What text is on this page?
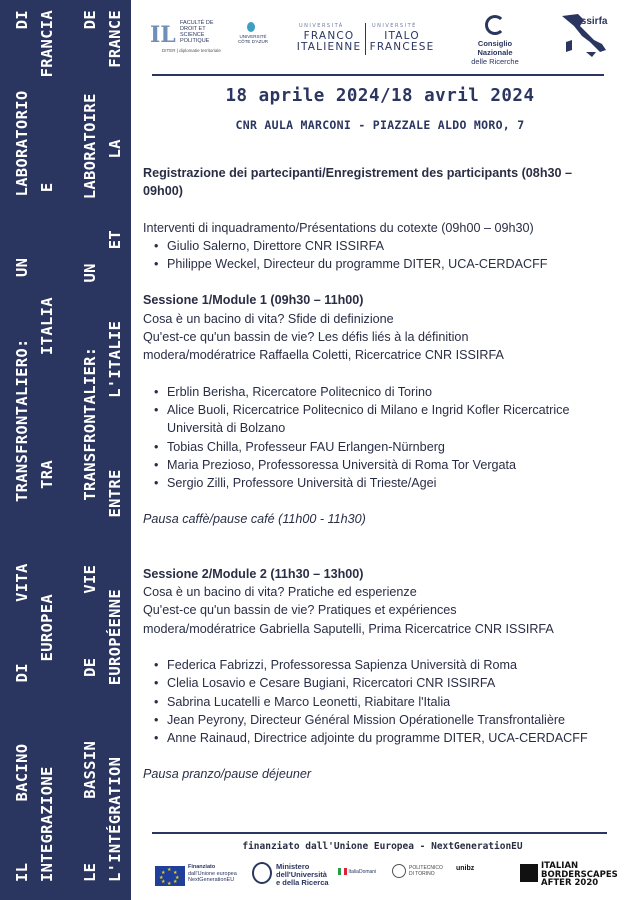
IL BACINO DI VITA TRANSFRONTALIERO: UN LABORATORIO DI INTEGRAZIONE EUROPEA TRA ITALIA E FRANCIA LE BASSIN DE VIE TRANSFRONTALIER: UN LABORATOIRE DE L'INTÉGRATION EUROPÉENNE ENTRE L'ITALIE ET LA FRANCE IL FACULTÉ DE DROIT ET SCIENCE POLITIQUE
DITER | diplomatie territoriale
UNIVERSITÉ
CÔTE D'AZUR
UNIVERSITÀ
FRANCO
ITALIENNE
UNIVERSITÉ
ITALO
FRANCESE	Consiglio Nazionale
delle Ricerche
Issirfa
18 aprile 2024/18 avril 2024
CNR AULA MARCONI - PIAZZALE ALDO MORO, 7
Registrazione dei partecipanti/Enregistrement des participants (08h30 – 09h00)
Interventi di inquadramento/Présentations du cotexte (09h00 – 09h30)
• Giulio Salerno, Direttore CNR ISSIRFA
• Philippe Weckel, Directeur du programme DITER, UCA-CERDACFF
Sessione 1/Module 1 (09h30 – 11h00)
Cosa è un bacino di vita? Sfide di definizione
Qu'est-ce qu'un bassin de vie? Les défis liés à la définition
modera/modératrice Raffaella Coletti, Ricercatrice CNR ISSIRFA
• Erblin Berisha, Ricercatore Politecnico di Torino
• Alice Buoli, Ricercatrice Politecnico di Milano e Ingrid Kofler Ricercatrice Università di Bolzano
• Tobias Chilla, Professeur FAU Erlangen-Nürnberg
• Maria Prezioso, Professoressa Università di Roma Tor Vergata
• Sergio Zilli, Professore Università di Trieste/Agei
Pausa caffè/pause café (11h00 - 11h30)
Sessione 2/Module 2 (11h30 – 13h00)
Cosa è un bacino di vita? Pratiche ed esperienze
Qu'est-ce qu'un bassin de vie? Pratiques et expériences
modera/modératrice Gabriella Saputelli, Prima Ricercatrice CNR ISSIRFA
• Federica Fabrizzi, Professoressa Sapienza Università di Roma
• Clelia Losavio e Cesare Bugiani, Ricercatori CNR ISSIRFA
• Sabrina Lucatelli e Marco Leonetti, Riabitare l'Italia
• Jean Peyrony, Directeur Général Mission Opérationelle Transfrontalière
• Anne Rainaud, Directrice adjointe du programme DITER, UCA-CERDACFF
Pausa pranzo/pause déjeuner
finanziato dall'Unione Europea - NextGenerationEU
★ ★
★
★
★
★
★
★
Finanziato
dall'Unione europea
NextGenerationEU
Ministero
dell'Università
e della Ricerca
ItaliaDomani
POLITECNICO
DI TORINO
unibz	ITALIAN
BORDERSCAPES
AFTER 2020
